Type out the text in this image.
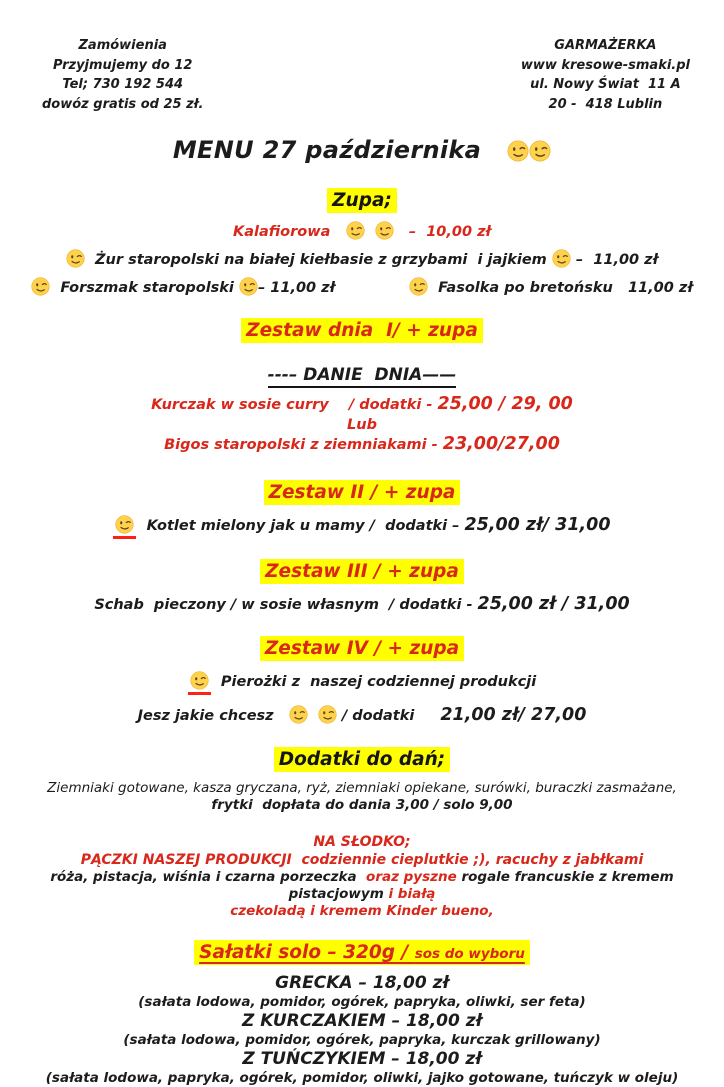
Zamówienia
Przyjmujemy do 12
Tel; 730 192 544
dowóz gratis od 25 zł.
GARMAŻERKA
www kresowe-smaki.pl
ul. Nowy Świat  11 A
20 -  418 Lublin
MENU 27 października
Zupa;
Kalafiorowa	–  10,00 zł
Żur staropolski na białej kiełbasie z grzybami  i jajkiem –  11,00 zł
Forszmak staropolski – 11,00 zł	Fasolka po bretońsku 11,00 zł
Zestaw dnia  I/ + zupa
---– DANIE  DNIA——
Kurczak w sosie curry    / dodatki - 25,00 / 29, 00
Lub
Bigos staropolski z ziemniakami - 23,00/27,00
Zestaw II / + zupa
Kotlet mielony jak u mamy /  dodatki – 25,00 zł/ 31,00
Zestaw III / + zupa
Schab  pieczony / w sosie własnym  / dodatki - 25,00 zł / 31,00
Zestaw IV / + zupa
Pierożki z  naszej codziennej produkcji
Jesz jakie chcesz	/ dodatki 21,00 zł/ 27,00
Dodatki do dań;
Ziemniaki gotowane, kasza gryczana, ryż, ziemniaki opiekane, surówki, buraczki zasmażane,
frytki  dopłata do dania 3,00 / solo 9,00
NA SŁODKO;
PĄCZKI NASZEJ PRODUKCJI  codziennie cieplutkie ;), racuchy z jabłkami
róża, pistacja, wiśnia i czarna porzeczka  oraz pyszne rogale francuskie z kremem pistacjowym i białą
czekoladą i kremem Kinder bueno,
Sałatki solo – 320g / sos do wyboru
GRECKA – 18,00 zł
(sałata lodowa, pomidor, ogórek, papryka, oliwki, ser feta)
Z KURCZAKIEM – 18,00 zł
(sałata lodowa, pomidor, ogórek, papryka, kurczak grillowany)
Z TUŃCZYKIEM – 18,00 zł
(sałata lodowa, papryka, ogórek, pomidor, oliwki, jajko gotowane, tuńczyk w oleju)
